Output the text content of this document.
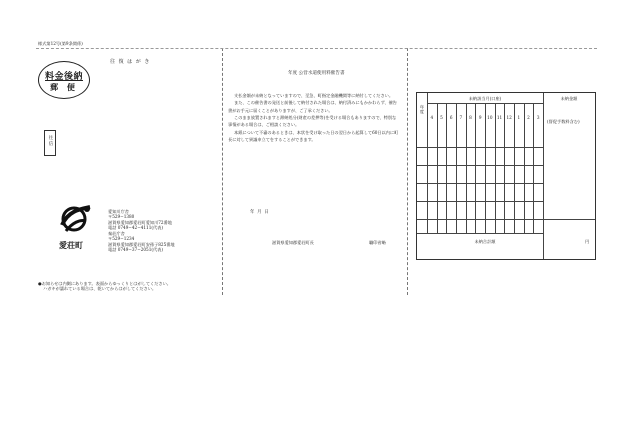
様式第12号(第9条関係)
往 復 は が き
料金後納
郵 便
往 信
愛荘町
愛知川庁舎
〒529−1380
滋賀県愛知郡愛荘町愛知川72番地
電話 0749−42−4111(代表)
秦荘庁舎
〒529−1234
滋賀県愛知郡愛荘町安孫子825番地
電話 0749−37−2051(代表)
●お知らせは内側にあります。表面からゆっくりとはがしてください。
ハガキが濡れている場合は、乾いてからはがしてください。
年度 公営水道使用料催告書
支払金額が未納となっていますので、至急、町指定金融機関等に納付してください。
また、この催告書の発送と前後して納付された場合は、納付済みにもかかわらず、催告書がお手元に届くことがありますが、ご了承ください。
このまま放置されますと滞納処分(財産の差押等)を受ける場合もありますので、特別な事情がある場合は、ご相談ください。
本紙について不審のあるときは、本状を受け取った日の翌日から起算して60日以内に町長に対して異議申立てをすることができます。
年  月  日
滋賀県愛知郡愛荘町長	職印省略
年度
未納該当月(口座)	未納金額
(督促手数料含む)
未納合計額	円
4	5	6	7	8	9	10	11	12	1	2	3
